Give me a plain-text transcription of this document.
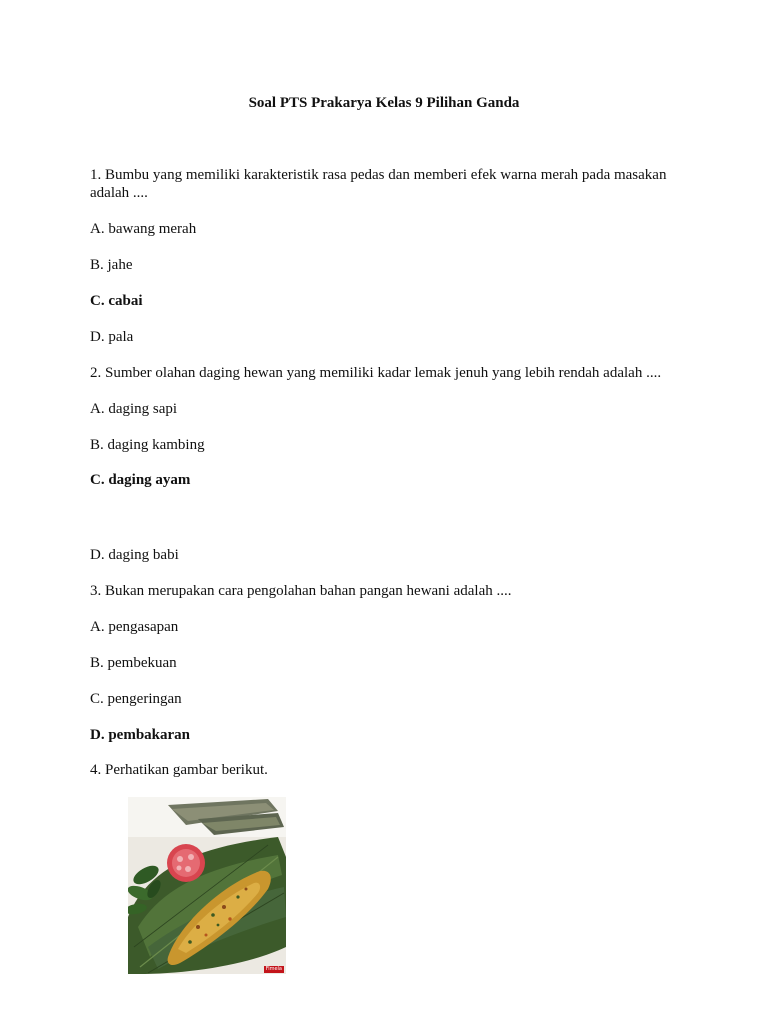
Soal PTS Prakarya Kelas 9 Pilihan Ganda
1. Bumbu yang memiliki karakteristik rasa pedas dan memberi efek warna merah pada masakan adalah ....
A. bawang merah
B. jahe
C. cabai
D. pala
2. Sumber olahan daging hewan yang memiliki kadar lemak jenuh yang lebih rendah adalah ....
A. daging sapi
B. daging kambing
C. daging ayam
D. daging babi
3. Bukan merupakan cara pengolahan bahan pangan hewani adalah ....
A. pengasapan
B. pembekuan
C. pengeringan
D. pembakaran
4. Perhatikan gambar berikut.
Fimela
